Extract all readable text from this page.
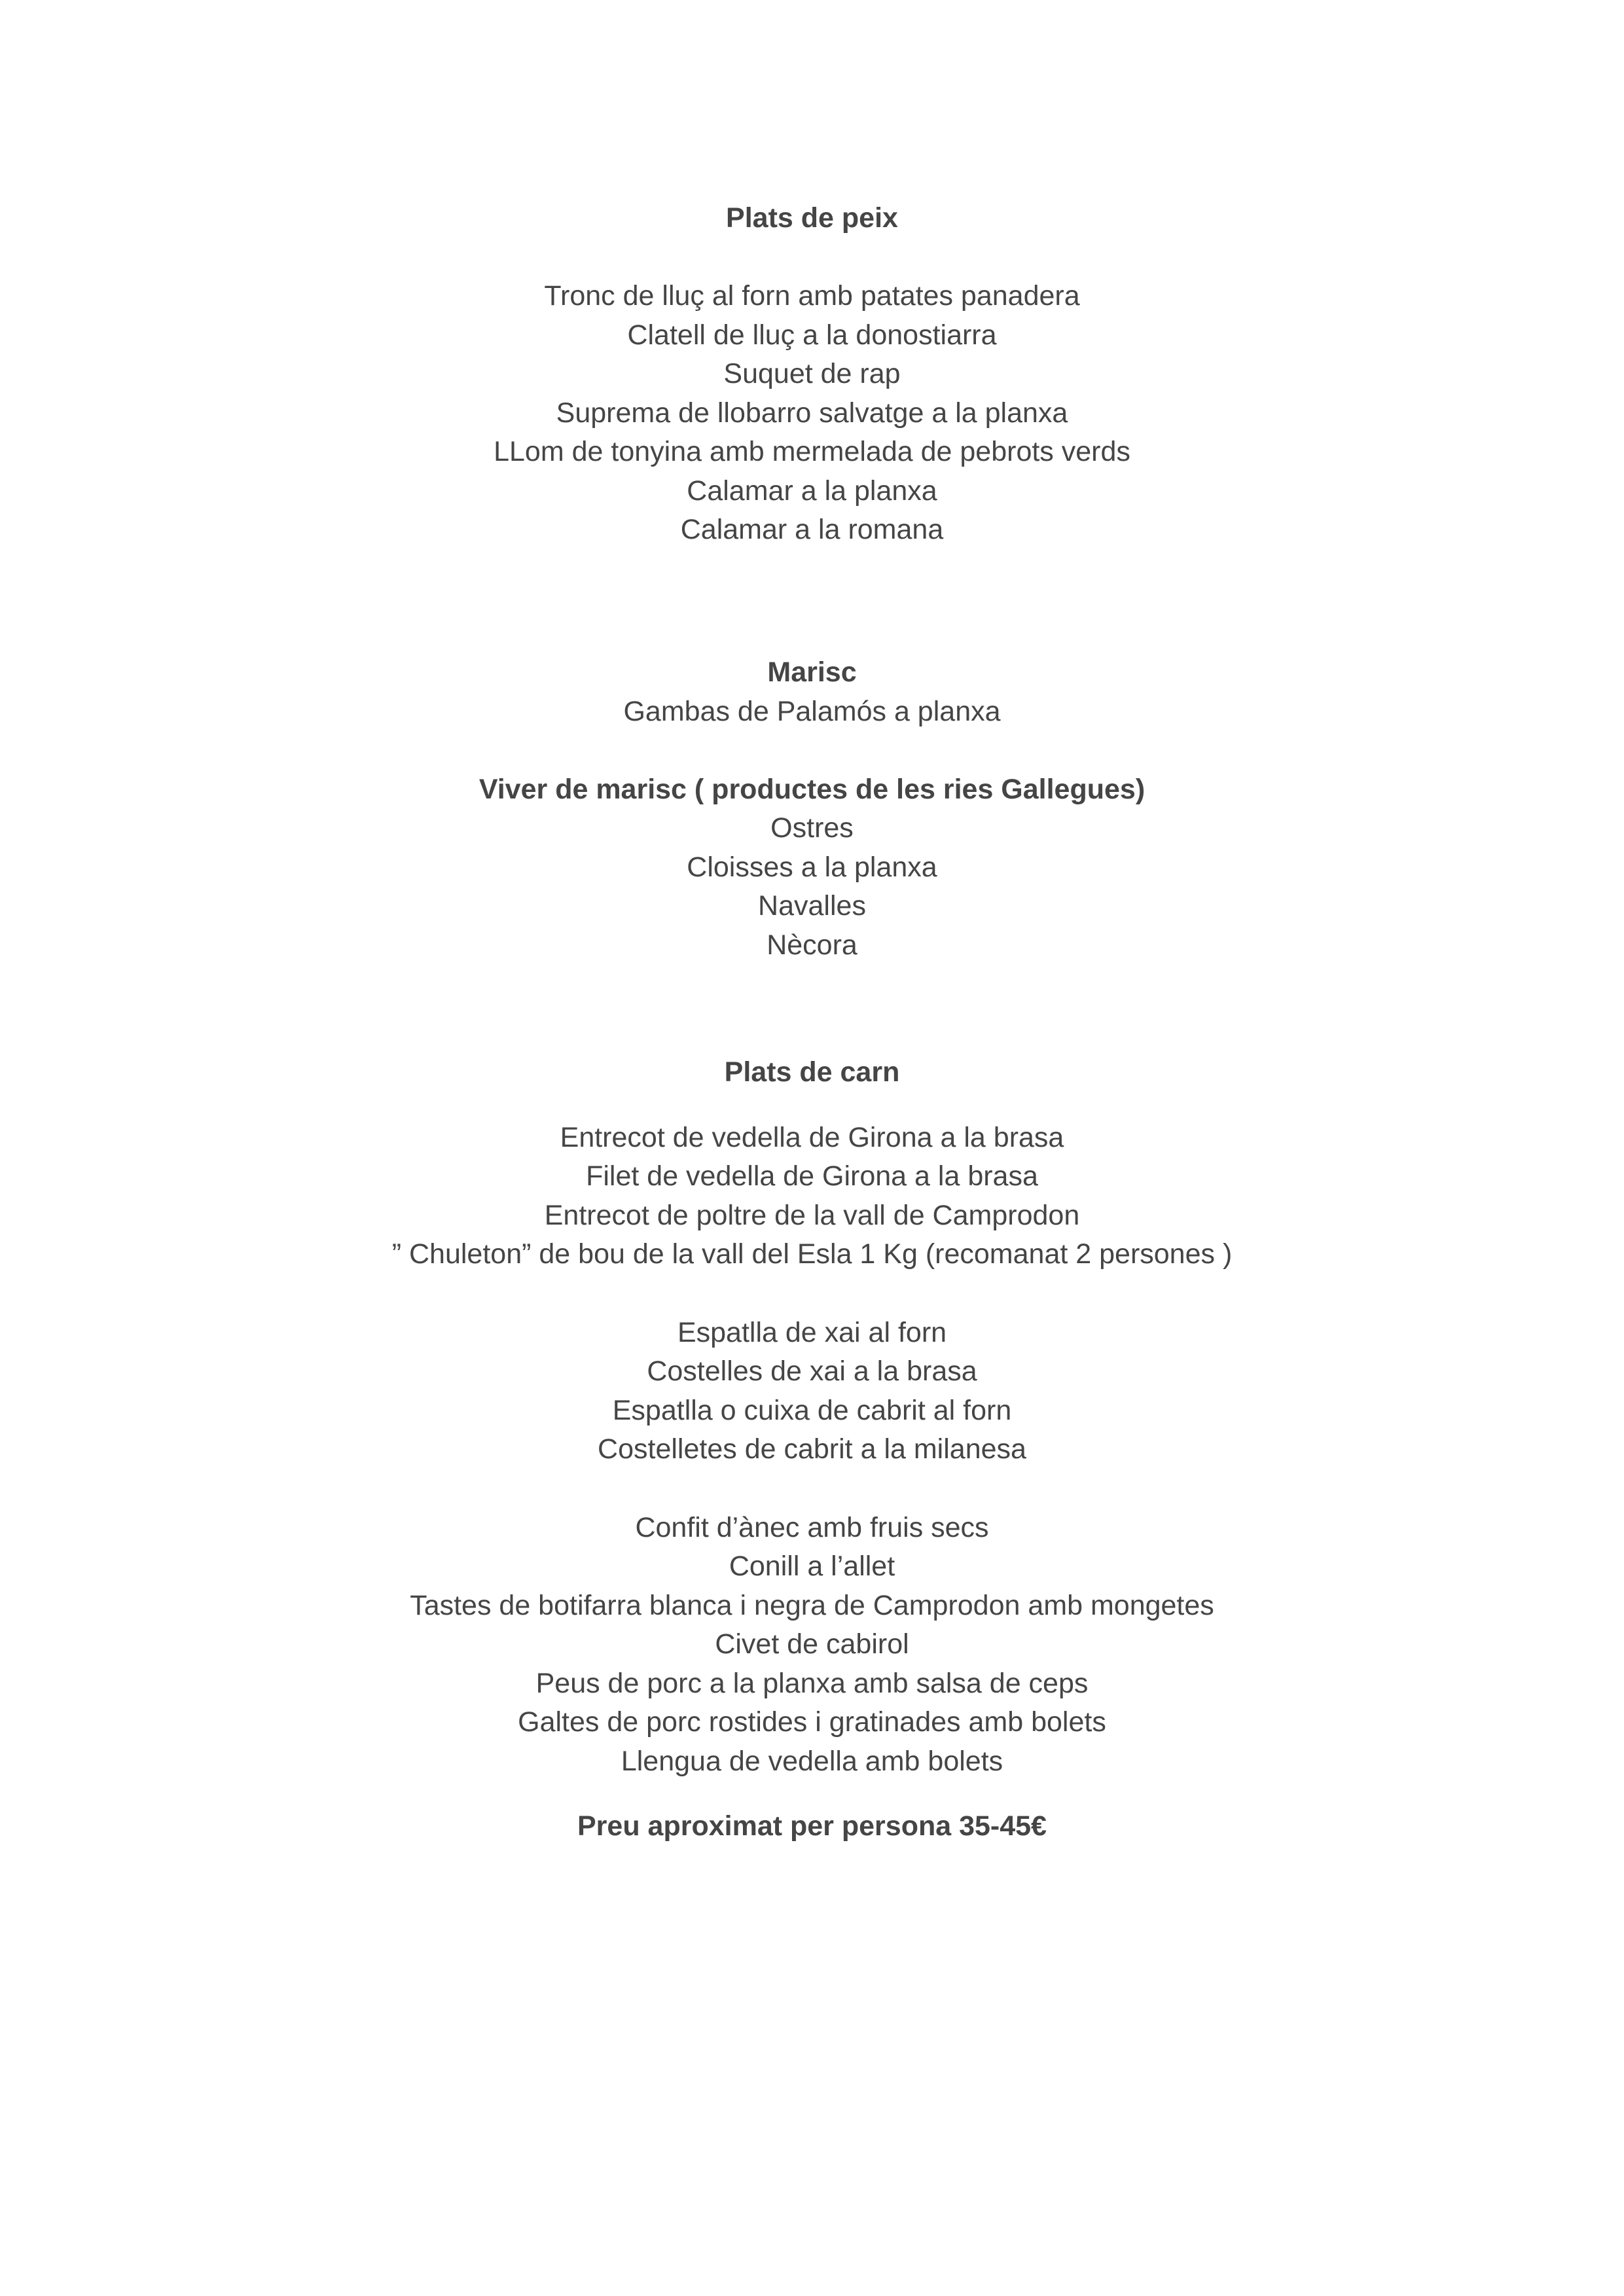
Plats de peix
Tronc de lluç al forn amb patates panadera
Clatell de lluç a la donostiarra
Suquet de rap
Suprema de llobarro salvatge a la planxa
LLom de tonyina amb mermelada de pebrots verds
Calamar a la planxa
Calamar a la romana
Marisc
Gambas de Palamós a planxa
Viver de marisc ( productes de les ries Gallegues)
Ostres
Cloisses a la planxa
Navalles
Nècora
Plats de carn
Entrecot de vedella de Girona a la brasa
Filet de vedella de Girona a la brasa
Entrecot de poltre de la vall de Camprodon
” Chuleton” de bou de la vall del Esla 1 Kg (recomanat 2 persones )
Espatlla de xai al forn
Costelles de xai a la brasa
Espatlla o cuixa de cabrit al forn
Costelletes de cabrit a la milanesa
Confit d’ànec amb fruis secs
Conill a l’allet
Tastes de botifarra blanca i negra de Camprodon amb mongetes
Civet de cabirol
Peus de porc a la planxa amb salsa de ceps
Galtes de porc rostides i gratinades amb bolets
Llengua de vedella amb bolets
Preu aproximat per persona 35-45€
